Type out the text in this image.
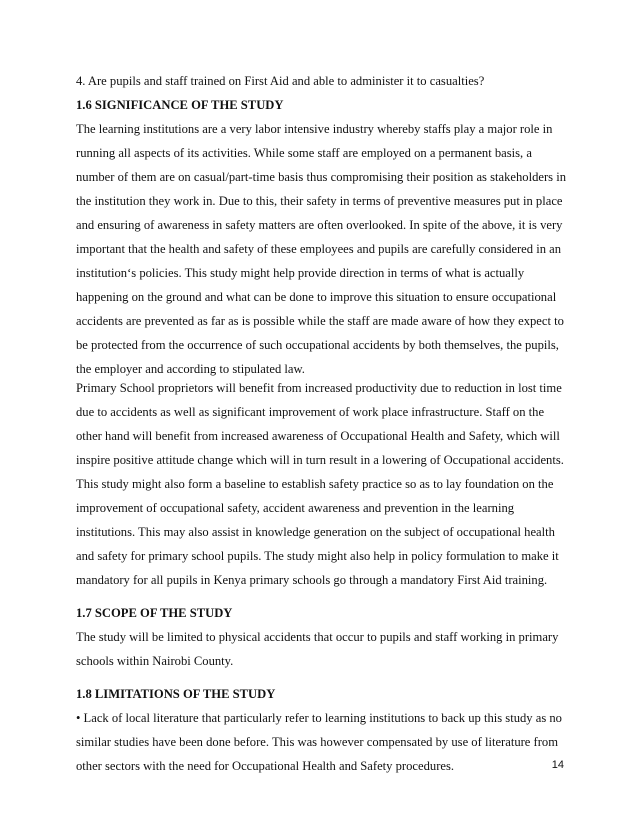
4. Are pupils and staff trained on First Aid and able to administer it to casualties?
1.6 SIGNIFICANCE OF THE STUDY
The learning institutions are a very labor intensive industry whereby staffs play a major role in
running all aspects of its activities. While some staff are employed on a permanent basis, a
number of them are on casual/part-time basis thus compromising their position as stakeholders in
the institution they work in. Due to this, their safety in terms of preventive measures put in place
and ensuring of awareness in safety matters are often overlooked. In spite of the above, it is very
important that the health and safety of these employees and pupils are carefully considered in an
institution‘s policies. This study might help provide direction in terms of what is actually
happening on the ground and what can be done to improve this situation to ensure occupational
accidents are prevented as far as is possible while the staff are made aware of how they expect to
be protected from the occurrence of such occupational accidents by both themselves, the pupils,
the employer and according to stipulated law.
Primary School proprietors will benefit from increased productivity due to reduction in lost time
due to accidents as well as significant improvement of work place infrastructure. Staff on the
other hand will benefit from increased awareness of Occupational Health and Safety, which will
inspire positive attitude change which will in turn result in a lowering of Occupational accidents.
This study might also form a baseline to establish safety practice so as to lay foundation on the
improvement of occupational safety, accident awareness and prevention in the learning
institutions. This may also assist in knowledge generation on the subject of occupational health
and safety for primary school pupils. The study might also help in policy formulation to make it
mandatory for all pupils in Kenya primary schools go through a mandatory First Aid training.
1.7 SCOPE OF THE STUDY
The study will be limited to physical accidents that occur to pupils and staff working in primary
schools within Nairobi County.
1.8 LIMITATIONS OF THE STUDY
• Lack of local literature that particularly refer to learning institutions to back up this study as no
similar studies have been done before. This was however compensated by use of literature from
other sectors with the need for Occupational Health and Safety procedures.	14
